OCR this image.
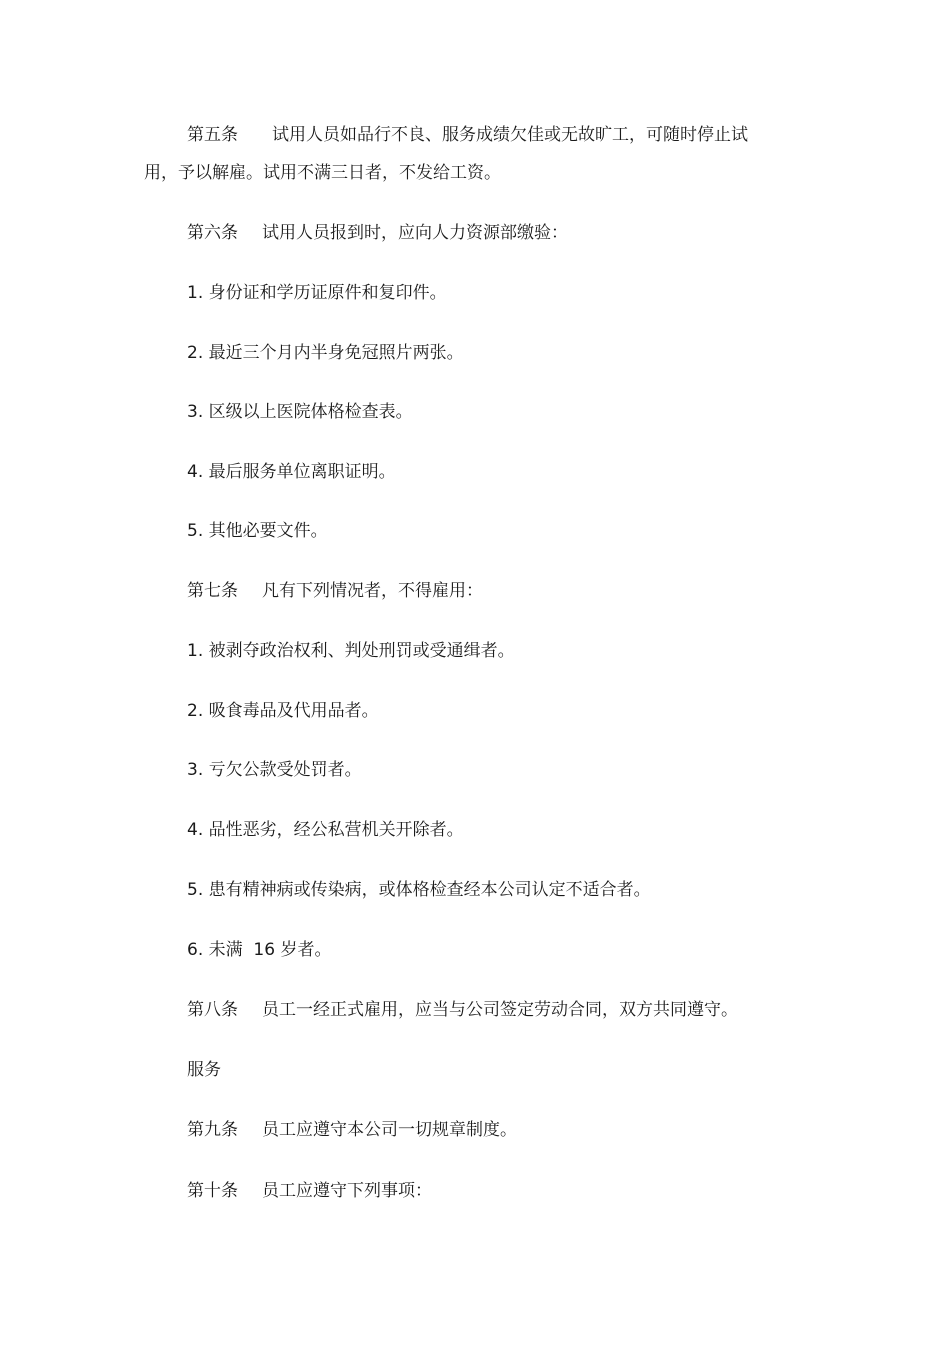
第五条 试用人员如品行不良、服务成绩欠佳或无故旷工，可随时停止试
用，予以解雇。试用不满三日者，不发给工资。
第六条 试用人员报到时，应向人力资源部缴验：
1. 身份证和学历证原件和复印件。
2. 最近三个月内半身免冠照片两张。
3. 区级以上医院体格检查表。
4. 最后服务单位离职证明。
5. 其他必要文件。
第七条 凡有下列情况者，不得雇用：
1. 被剥夺政治权利、判处刑罚或受通缉者。
2. 吸食毒品及代用品者。
3. 亏欠公款受处罚者。
4. 品性恶劣，经公私营机关开除者。
5. 患有精神病或传染病，或体格检查经本公司认定不适合者。
6. 未满  16 岁者。
第八条 员工一经正式雇用，应当与公司签定劳动合同，双方共同遵守。
服务
第九条 员工应遵守本公司一切规章制度。
第十条 员工应遵守下列事项：
